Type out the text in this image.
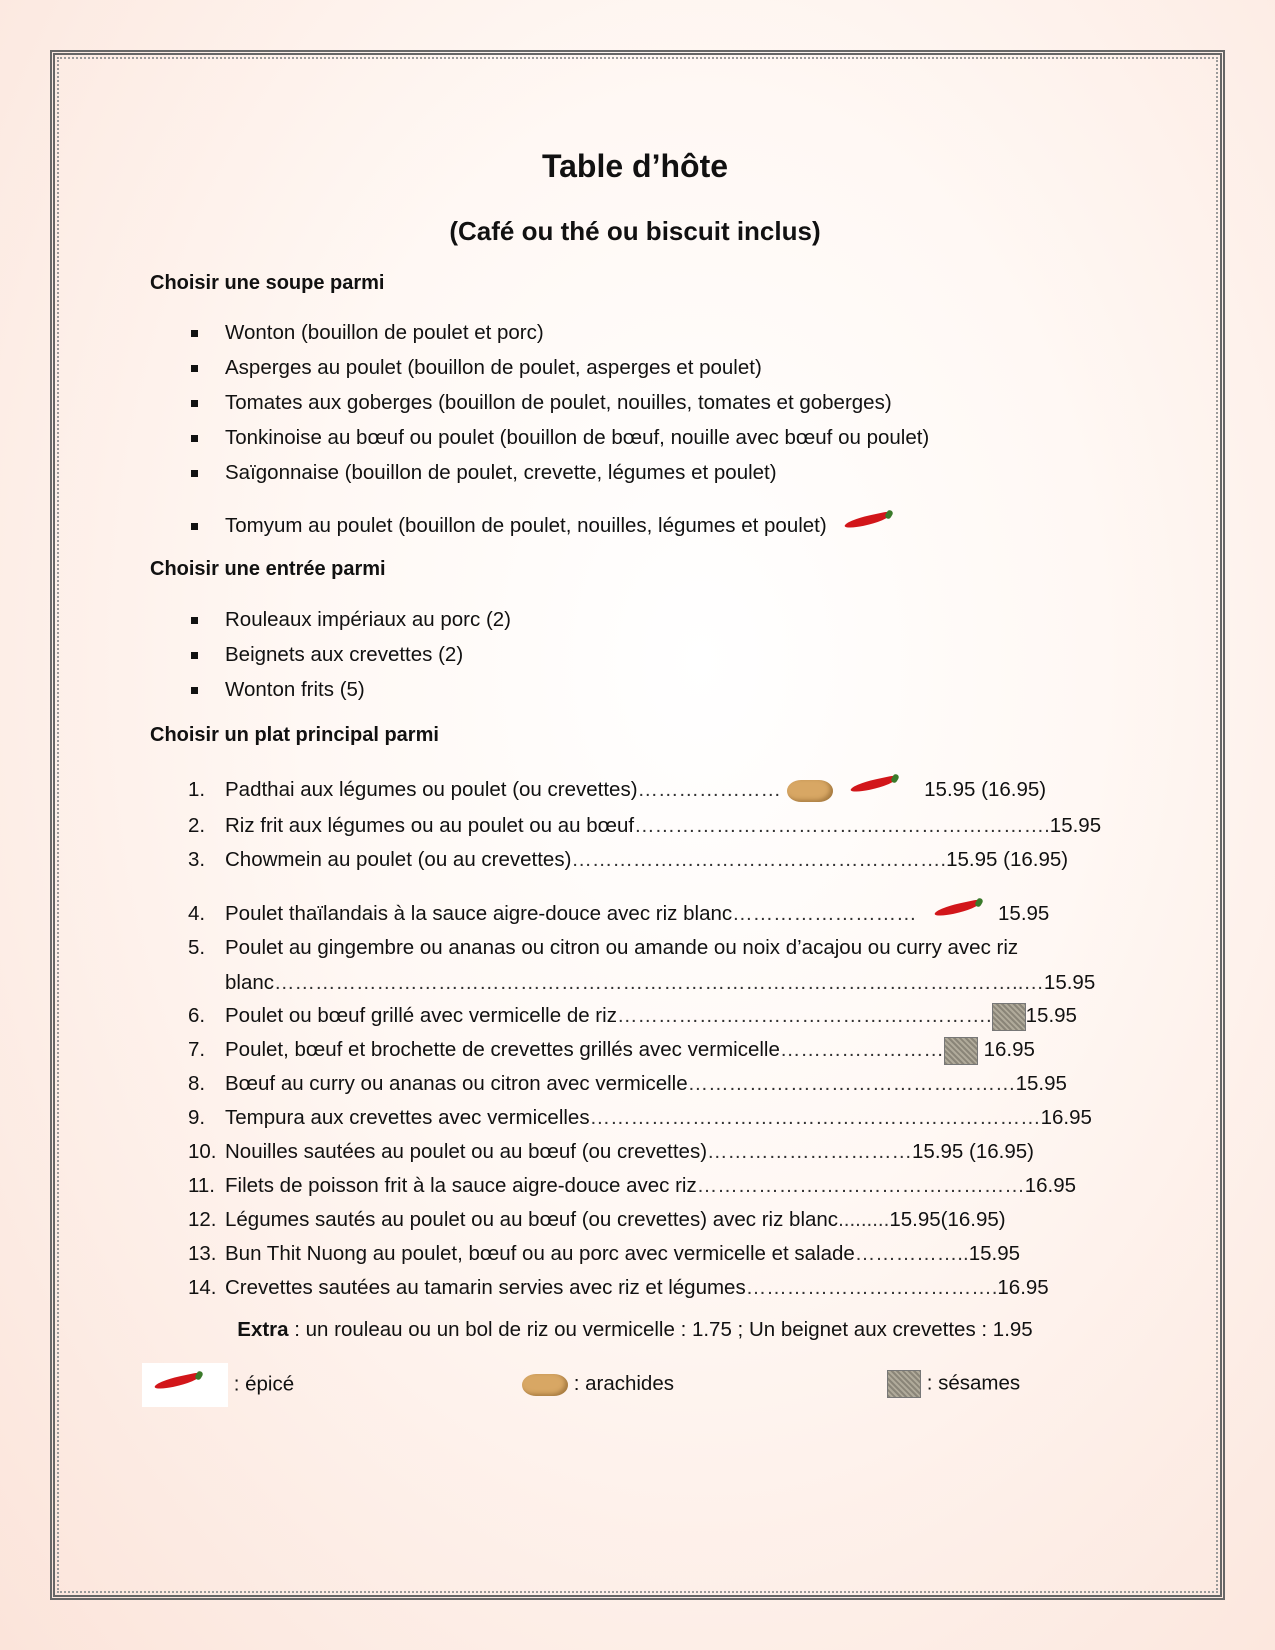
Table d’hôte
(Café ou thé ou biscuit inclus)
Choisir une soupe parmi
Wonton (bouillon de poulet et porc)
Asperges au poulet (bouillon de poulet, asperges et poulet)
Tomates aux goberges (bouillon de poulet, nouilles, tomates et goberges)
Tonkinoise au bœuf ou poulet (bouillon de bœuf, nouille avec bœuf ou poulet)
Saïgonnaise (bouillon de poulet, crevette, légumes et poulet)
Tomyum au poulet (bouillon de poulet, nouilles, légumes et poulet)
Choisir une entrée parmi
Rouleaux impériaux au porc (2)
Beignets aux crevettes (2)
Wonton frits (5)
Choisir un plat principal parmi
1. Padthai aux légumes ou poulet (ou crevettes)…………………	15.95 (16.95)
2. Riz frit aux légumes ou au poulet ou au bœuf…………………………………………………….15.95
3. Chowmein au poulet (ou au crevettes)……………………………………………….15.95 (16.95)
4. Poulet thaïlandais à la sauce aigre-douce avec riz blanc………………………	15.95
5. Poulet au gingembre ou ananas ou citron ou amande ou noix d’acajou ou curry avec riz
blanc………………………………………………………………………………………………..…15.95
6. Poulet ou bœuf grillé avec vermicelle de riz………………………………………………. 15.95
7. Poulet, bœuf et brochette de crevettes grillés avec vermicelle…………………… 16.95
8. Bœuf au curry ou ananas ou citron avec vermicelle…………………………………………15.95
9. Tempura aux crevettes avec vermicelles…………………………………………………………16.95
10. Nouilles sautées au poulet ou au bœuf (ou crevettes)…………………………15.95 (16.95)
11. Filets de poisson frit à la sauce aigre-douce avec riz…………………………………………16.95
12. Légumes sautés au poulet ou au bœuf (ou crevettes) avec riz blanc.........15.95(16.95)
13. Bun Thit Nuong au poulet, bœuf ou au porc avec vermicelle et salade……………..15.95
14. Crevettes sautées au tamarin servies avec riz et légumes……………………………….16.95
Extra : un rouleau ou un bol de riz ou vermicelle : 1.75 ; Un beignet aux crevettes : 1.95
: épicé	: arachides	: sésames
